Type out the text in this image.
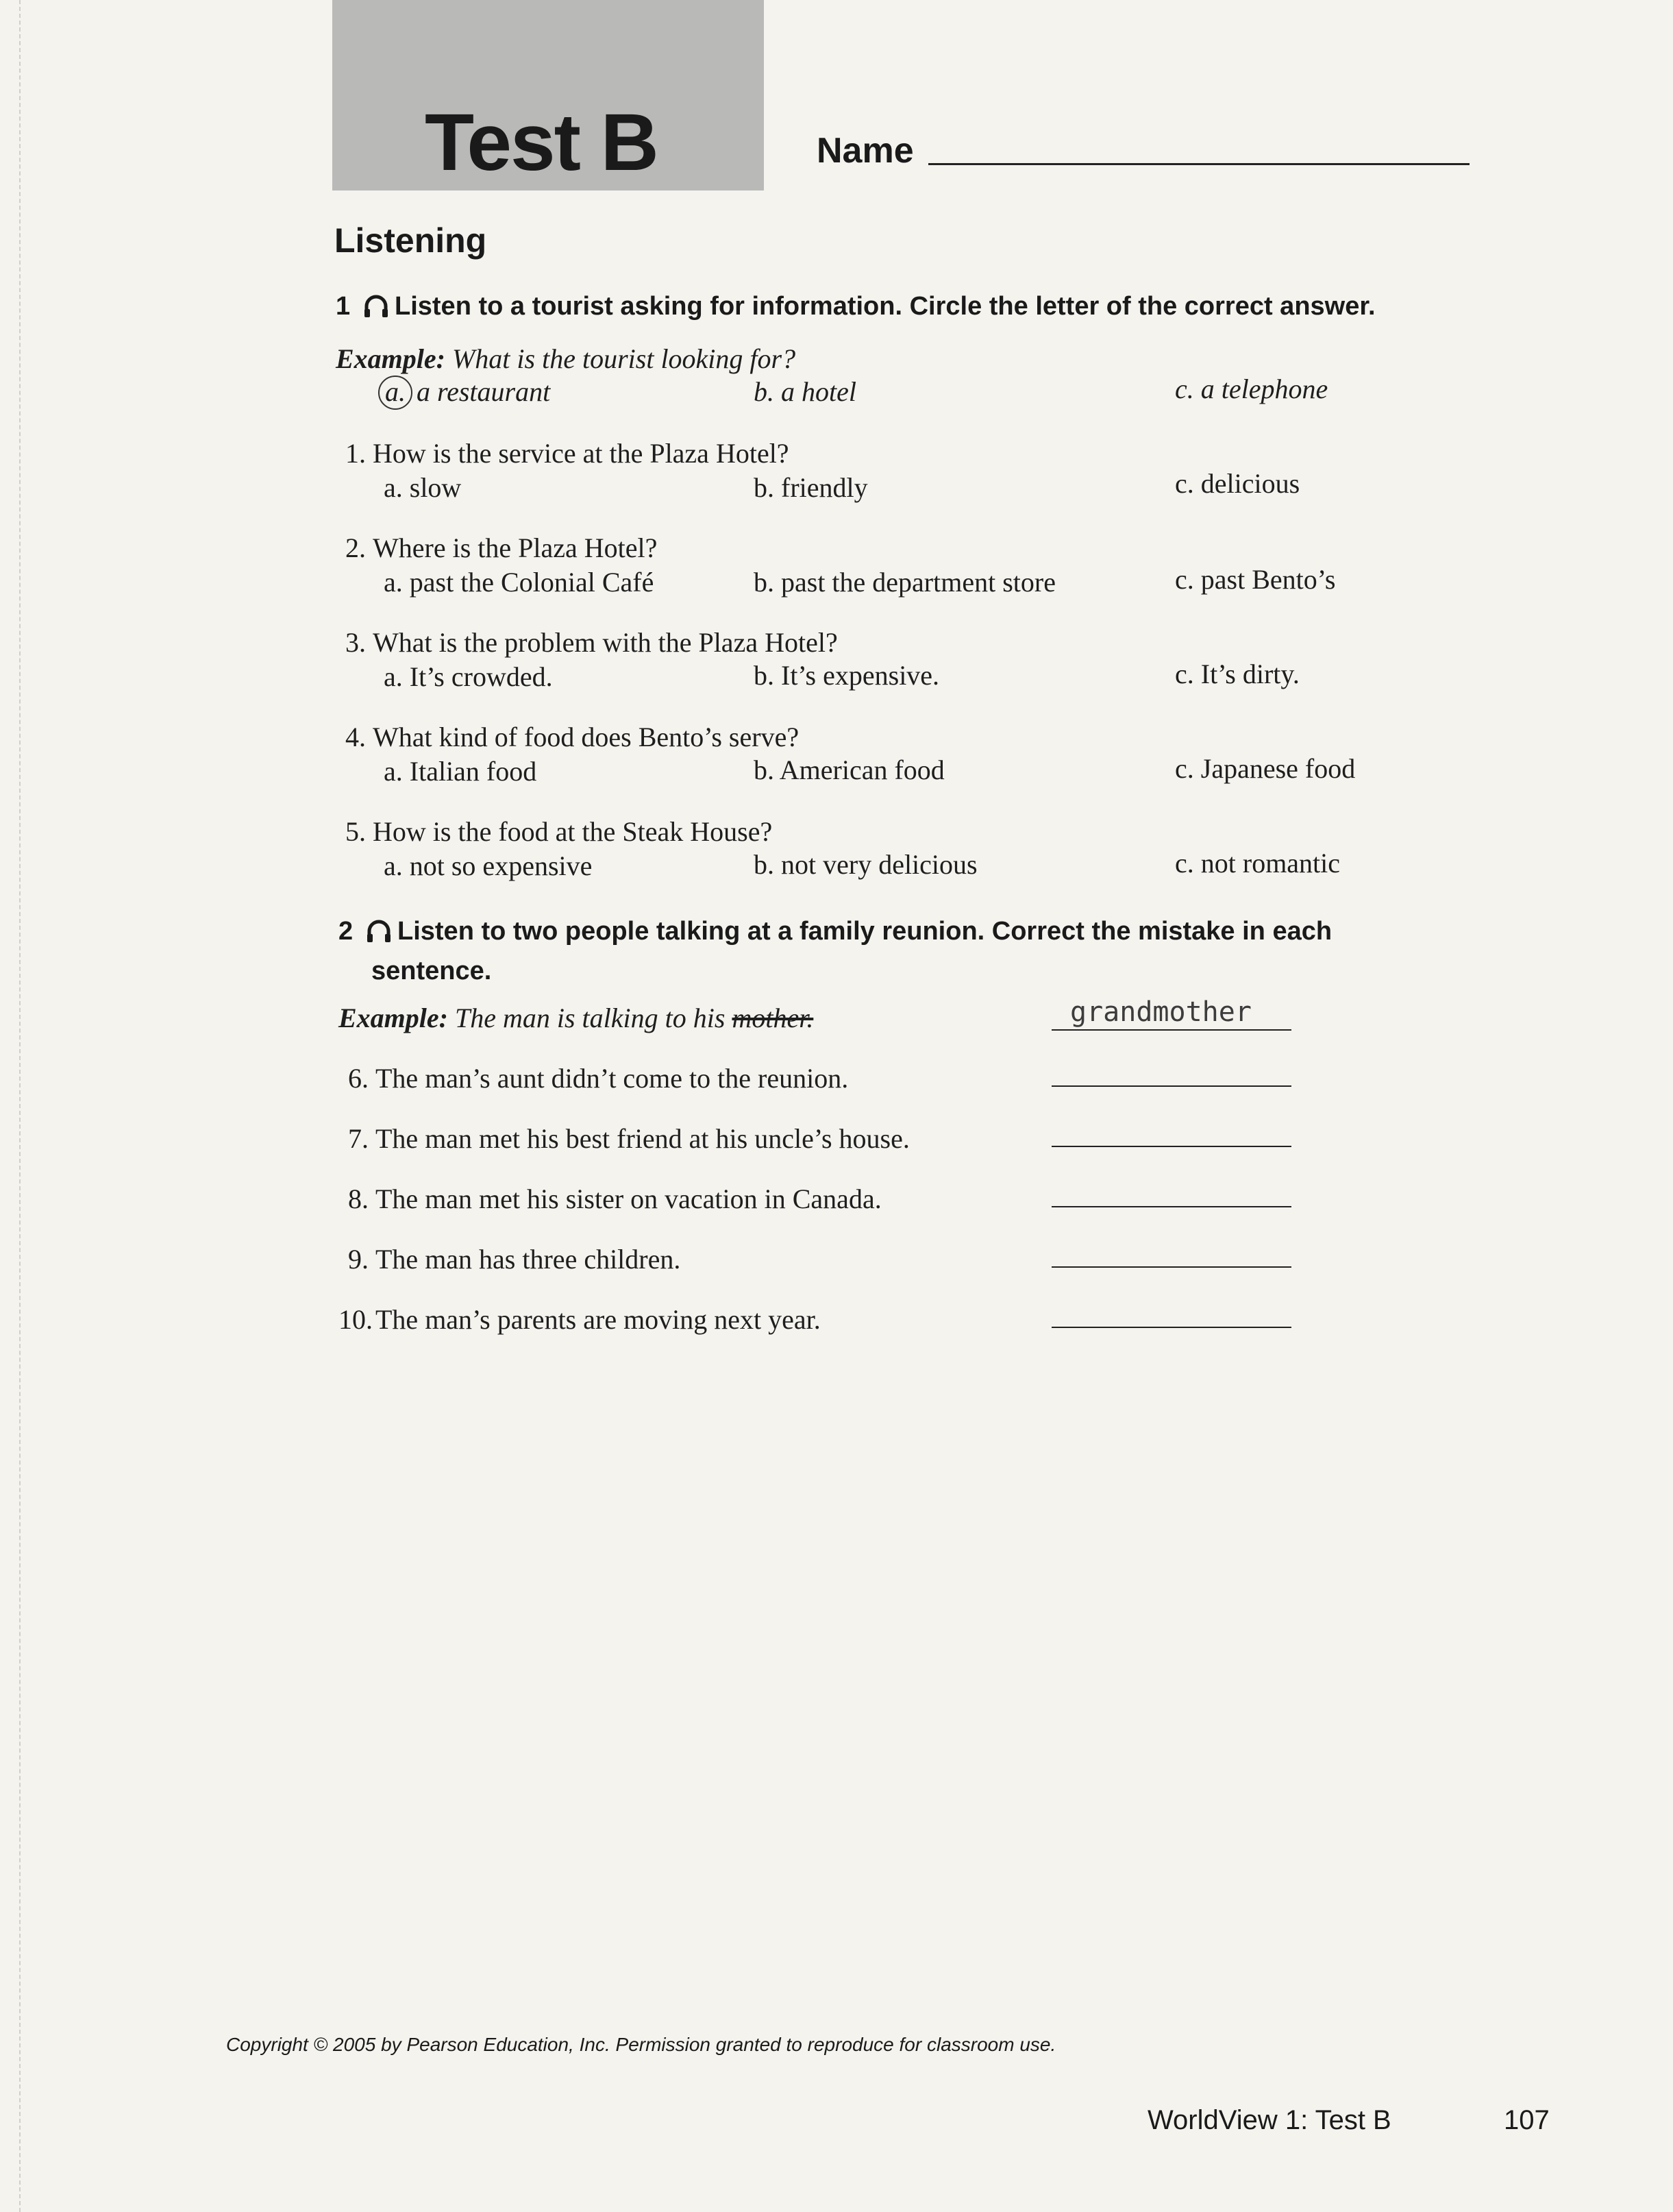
Test B	Name
Listening
1 Listen to a tourist asking for information. Circle the letter of the correct answer.
Example: What is the tourist looking for?
a. a restaurant	b. a hotel	c. a telephone
1. How is the service at the Plaza Hotel?
a. slow	b. friendly	c. delicious
2. Where is the Plaza Hotel?
a. past the Colonial Café	b. past the department store	c. past Bento’s
3. What is the problem with the Plaza Hotel?
a. It’s crowded.	b. It’s expensive.	c. It’s dirty.
4. What kind of food does Bento’s serve?
a. Italian food	b. American food	c. Japanese food
5. How is the food at the Steak House?
a. not so expensive	b. not very delicious	c. not romantic
2 Listen to two people talking at a family reunion. Correct the mistake in each
sentence.
Example: The man is talking to his mother.	grandmother
6. The man’s aunt didn’t come to the reunion.
7. The man met his best friend at his uncle’s house.
8. The man met his sister on vacation in Canada.
9. The man has three children.
10. The man’s parents are moving next year.
Copyright © 2005 by Pearson Education, Inc. Permission granted to reproduce for classroom use.
WorldView 1: Test B	107
